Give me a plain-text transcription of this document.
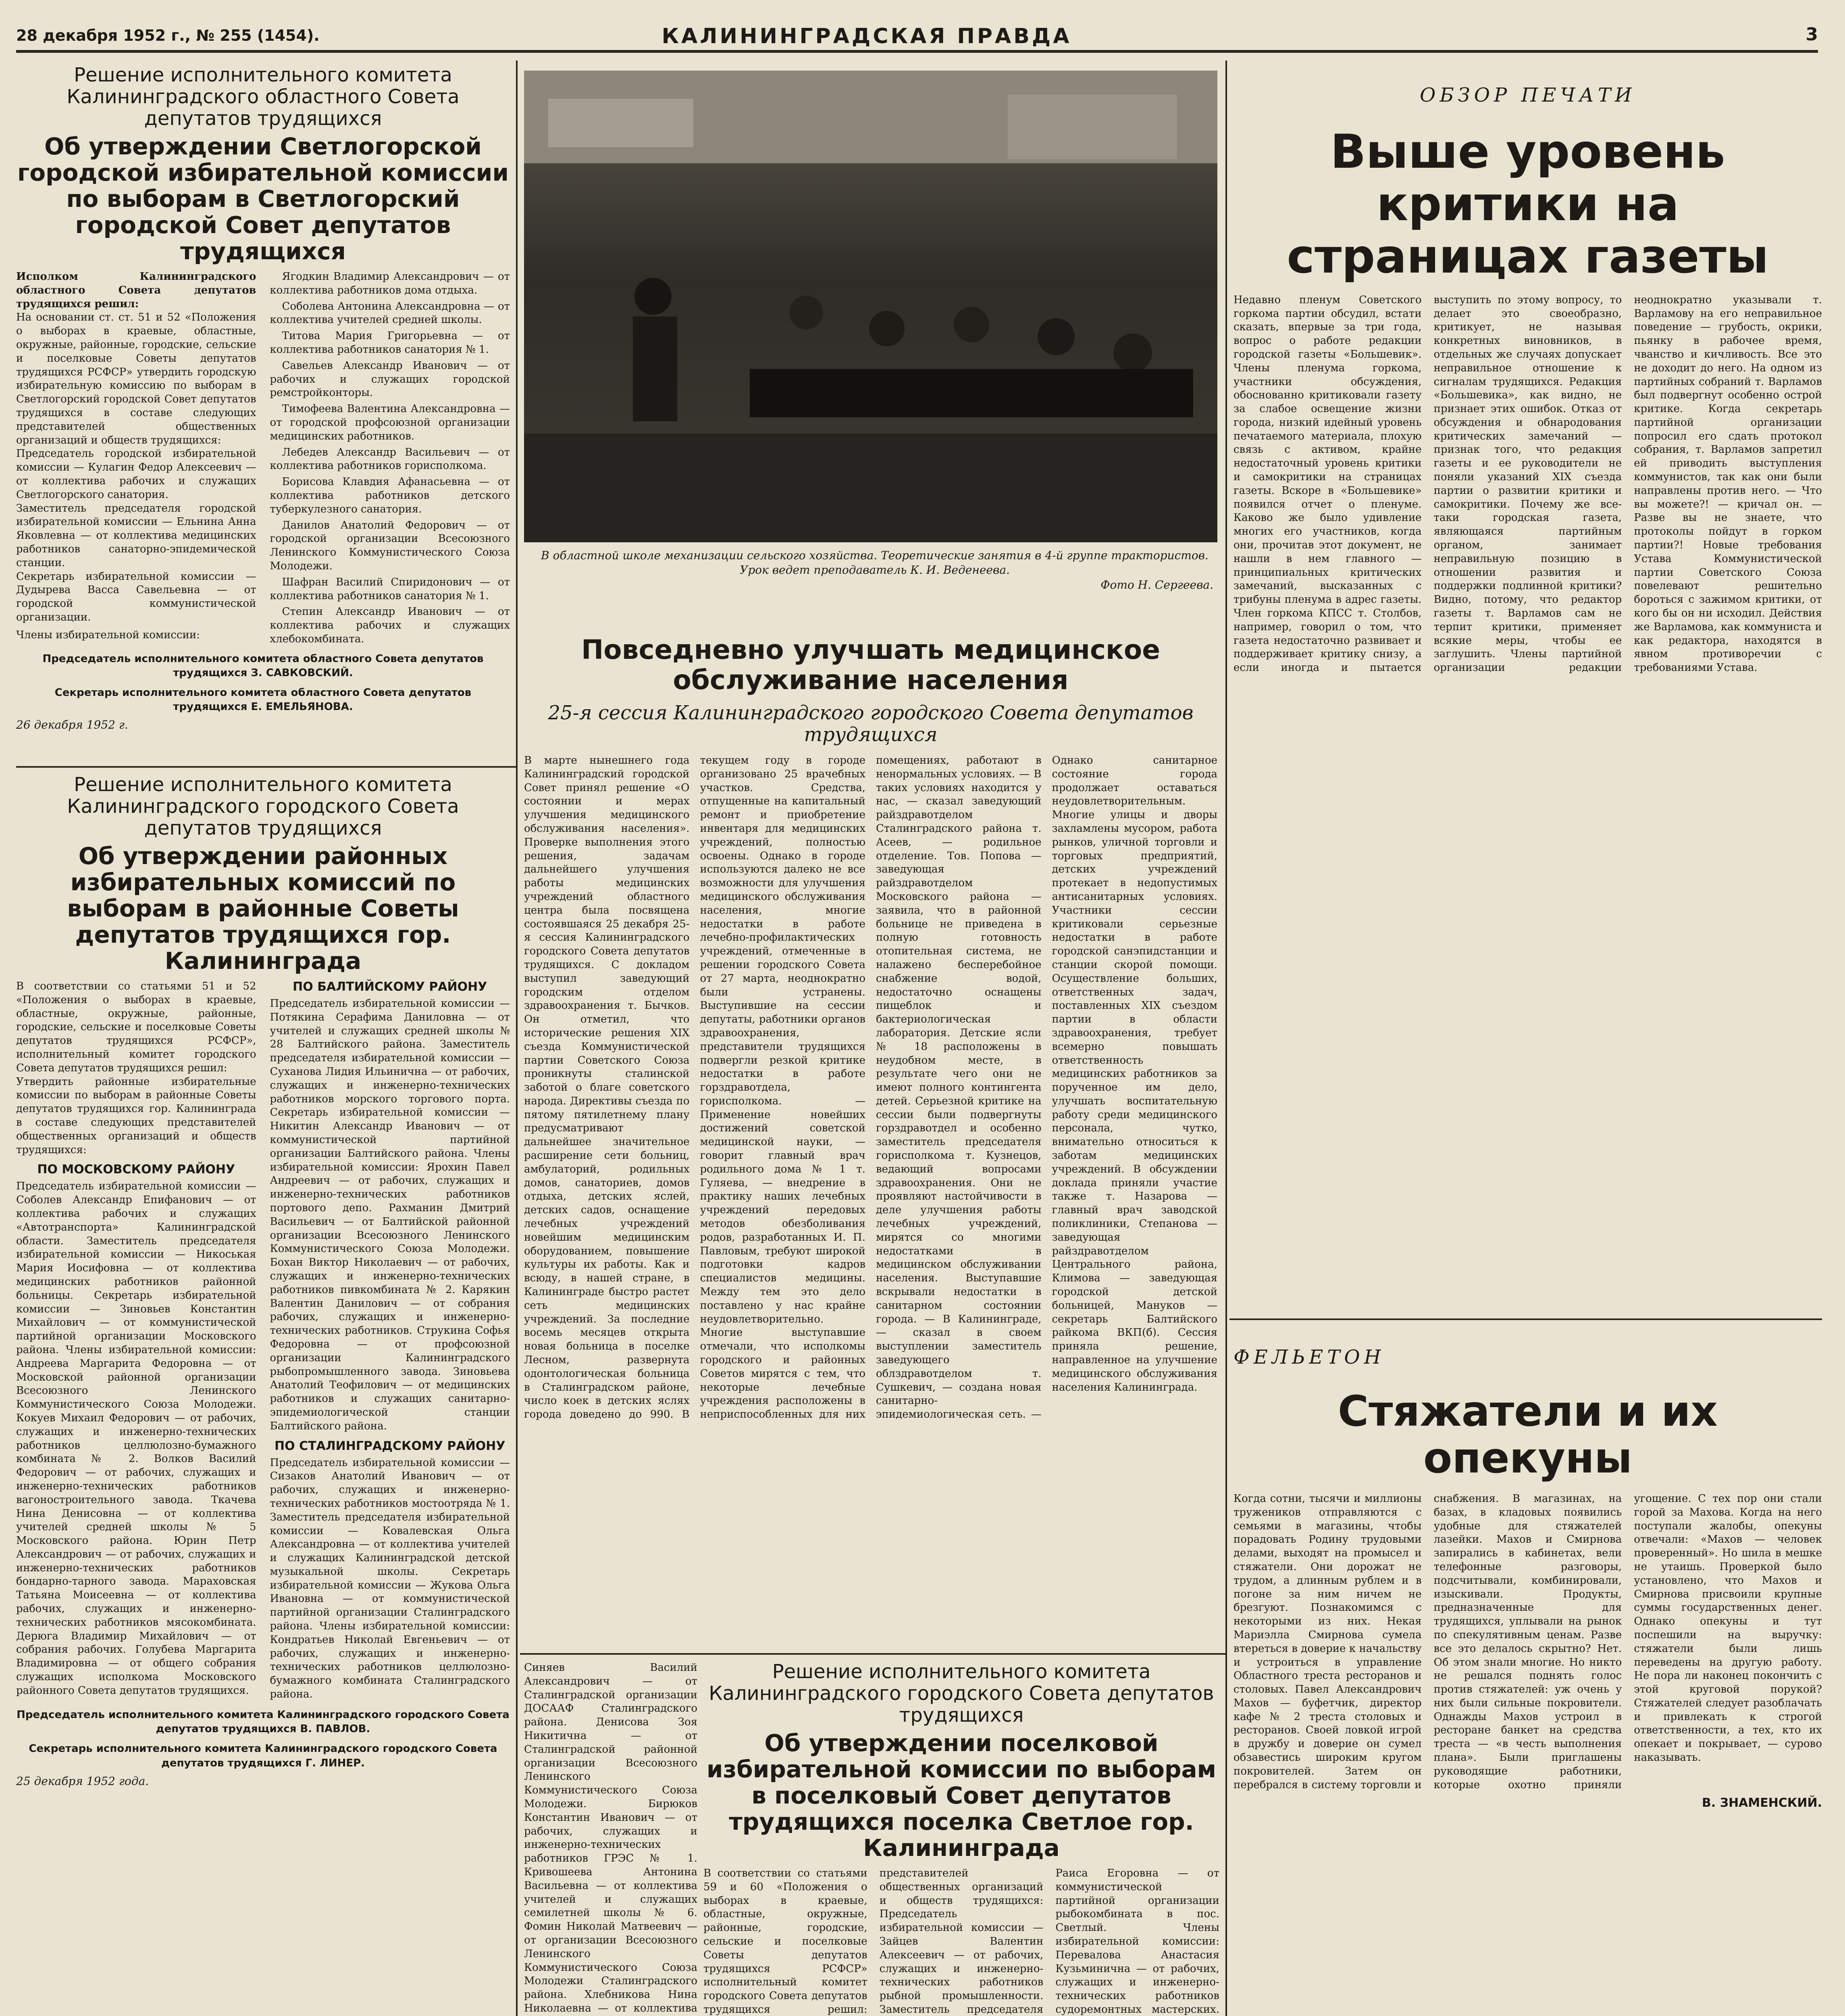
28 декабря 1952 г., № 255 (1454).	КАЛИНИНГРАДСКАЯ ПРАВДА	3

Решение исполнительного комитета Калининградского областного Совета депутатов трудящихся

Об утверждении Светлогорской городской избирательной комиссии по выборам в Светлогорский городской Совет депутатов трудящихся

Исполком Калининградского областного Совета депутатов трудящихся решил:

На основании ст. ст. 51 и 52 «Положения о выборах в краевые, областные, окружные, районные, городские, сельские и поселковые Советы депутатов трудящихся РСФСР» утвердить городскую избирательную комиссию по выборам в Светлогорский городской Совет депутатов трудящихся в составе следующих представителей общественных организаций и обществ трудящихся:

Председатель городской избирательной комиссии — Кулагин Федор Алексеевич — от коллектива рабочих и служащих Светлогорского санатория.

Заместитель председателя городской избирательной комиссии — Ельнина Анна Яковлевна — от коллектива медицинских работников санаторно-эпидемической станции.

Секретарь избирательной комиссии — Дудырева Васса Савельевна — от городской коммунистической организации.

Члены избирательной комиссии:

Ягодкин Владимир Александрович — от коллектива работников дома отдыха.
Соболева Антонина Александровна — от коллектива учителей средней школы.
Титова Мария Григорьевна — от коллектива работников санатория № 1.
Савельев Александр Иванович — от рабочих и служащих городской ремстройконторы.
Тимофеева Валентина Александровна — от городской профсоюзной организации медицинских работников.
Лебедев Александр Васильевич — от коллектива работников горисполкома.
Борисова Клавдия Афанасьевна — от коллектива работников детского туберкулезного санатория.
Данилов Анатолий Федорович — от городской организации Всесоюзного Ленинского Коммунистического Союза Молодежи.
Шафран Василий Спиридонович — от коллектива работников санатория № 1.
Степин Александр Иванович — от коллектива рабочих и служащих хлебокомбината.

Председатель исполнительного комитета областного Совета депутатов трудящихся З. САВКОВСКИЙ.

Секретарь исполнительного комитета областного Совета депутатов трудящихся Е. ЕМЕЛЬЯНОВА.

26 декабря 1952 г.

Решение исполнительного комитета Калининградского городского Совета депутатов трудящихся

Об утверждении районных избирательных комиссий по выборам в районные Советы депутатов трудящихся гор. Калининграда

В соответствии со статьями 51 и 52 «Положения о выборах в краевые, областные, окружные, районные, городские, сельские и поселковые Советы депутатов трудящихся РСФСР», исполнительный комитет городского Совета депутатов трудящихся решил:

Утвердить районные избирательные комиссии по выборам в районные Советы депутатов трудящихся гор. Калининграда в составе следующих представителей общественных организаций и обществ трудящихся:

ПО МОСКОВСКОМУ РАЙОНУ

Председатель избирательной комиссии — Соболев Александр Епифанович — от коллектива рабочих и служащих «Автотранспорта» Калининградской области. Заместитель председателя избирательной комиссии — Никоськая Мария Иосифовна — от коллектива медицинских работников районной больницы. Секретарь избирательной комиссии — Зиновьев Константин Михайлович — от коммунистической партийной организации Московского района. Члены избирательной комиссии: Андреева Маргарита Федоровна — от Московской районной организации Всесоюзного Ленинского Коммунистического Союза Молодежи. Кокуев Михаил Федорович — от рабочих, служащих и инженерно-технических работников целлюлозно-бумажного комбината № 2. Волков Василий Федорович — от рабочих, служащих и инженерно-технических работников вагоностроительного завода. Ткачева Нина Денисовна — от коллектива учителей средней школы № 5 Московского района. Юрин Петр Александрович — от рабочих, служащих и инженерно-технических работников бондарно-тарного завода. Мараховская Татьяна Моисеевна — от коллектива рабочих, служащих и инженерно-технических работников мясокомбината. Дерюга Владимир Михайлович — от собрания рабочих. Голубева Маргарита Владимировна — от общего собрания служащих исполкома Московского районного Совета депутатов трудящихся.

ПО БАЛТИЙСКОМУ РАЙОНУ

Председатель избирательной комиссии — Потякина Серафима Даниловна — от учителей и служащих средней школы № 28 Балтийского района. Заместитель председателя избирательной комиссии — Суханова Лидия Ильинична — от рабочих, служащих и инженерно-технических работников морского торгового порта. Секретарь избирательной комиссии — Никитин Александр Иванович — от коммунистической партийной организации Балтийского района. Члены избирательной комиссии: Ярохин Павел Андреевич — от рабочих, служащих и инженерно-технических работников портового депо. Рахманин Дмитрий Васильевич — от Балтийской районной организации Всесоюзного Ленинского Коммунистического Союза Молодежи. Бохан Виктор Николаевич — от рабочих, служащих и инженерно-технических работников пивкомбината № 2. Карякин Валентин Данилович — от собрания рабочих, служащих и инженерно-технических работников. Струкина Софья Федоровна — от профсоюзной организации Калининградского рыбопромышленного завода. Зиновьева Анатолий Теофилович — от медицинских работников и служащих санитарно-эпидемиологической станции Балтийского района.

ПО СТАЛИНГРАДСКОМУ РАЙОНУ

Председатель избирательной комиссии — Сизаков Анатолий Иванович — от рабочих, служащих и инженерно-технических работников мостоотряда № 1. Заместитель председателя избирательной комиссии — Ковалевская Ольга Александровна — от коллектива учителей и служащих Калининградской детской музыкальной школы. Секретарь избирательной комиссии — Жукова Ольга Ивановна — от коммунистической партийной организации Сталинградского района. Члены избирательной комиссии: Кондратьев Николай Евгеньевич — от рабочих, служащих и инженерно-технических работников целлюлозно-бумажного комбината Сталинградского района.

Председатель исполнительного комитета Калининградского городского Совета депутатов трудящихся В. ПАВЛОВ.

Секретарь исполнительного комитета Калининградского городского Совета депутатов трудящихся Г. ЛИНЕР.

25 декабря 1952 года.

В областной школе механизации сельского хозяйства. Теоретические занятия в 4-й группе трактористов. Урок ведет преподаватель К. И. Веденеева.

Фото Н. Сергеева.

Повседневно улучшать медицинское обслуживание населения

25-я сессия Калининградского городского Совета депутатов трудящихся

В марте нынешнего года Калининградский городской Совет принял решение «О состоянии и мерах улучшения медицинского обслуживания населения». Проверке выполнения этого решения, задачам дальнейшего улучшения работы медицинских учреждений областного центра была посвящена состоявшаяся 25 декабря 25-я сессия Калининградского городского Совета депутатов трудящихся. С докладом выступил заведующий городским отделом здравоохранения т. Бычков. Он отметил, что исторические решения XIX съезда Коммунистической партии Советского Союза проникнуты сталинской заботой о благе советского народа. Директивы съезда по пятому пятилетнему плану предусматривают дальнейшее значительное расширение сети больниц, амбулаторий, родильных домов, санаториев, домов отдыха, детских яслей, детских садов, оснащение лечебных учреждений новейшим медицинским оборудованием, повышение культуры их работы. Как и всюду, в нашей стране, в Калининграде быстро растет сеть медицинских учреждений. За последние восемь месяцев открыта новая больница в поселке Лесном, развернута одонтологическая больница в Сталинградском районе, число коек в детских яслях города доведено до 990. В текущем году в городе организовано 25 врачебных участков. Средства, отпущенные на капитальный ремонт и приобретение инвентаря для медицинских учреждений, полностью освоены. Однако в городе используются далеко не все возможности для улучшения медицинского обслуживания населения, многие недостатки в работе лечебно-профилактических учреждений, отмеченные в решении городского Совета от 27 марта, неоднократно были устранены. Выступившие на сессии депутаты, работники органов здравоохранения, представители трудящихся подвергли резкой критике недостатки в работе горздравотдела, горисполкома. — Применение новейших достижений советской медицинской науки, — говорит главный врач родильного дома № 1 т. Гуляева, — внедрение в практику наших лечебных учреждений передовых методов обезболивания родов, разработанных И. П. Павловым, требуют широкой подготовки кадров специалистов медицины. Между тем это дело поставлено у нас крайне неудовлетворительно. Многие выступавшие отмечали, что исполкомы городского и районных Советов мирятся с тем, что некоторые лечебные учреждения расположены в неприспособленных для них помещениях, работают в ненормальных условиях. — В таких условиях находится у нас, — сказал заведующий райздравотделом Сталинградского района т. Асеев, — родильное отделение. Тов. Попова — заведующая райздравотделом Московского района — заявила, что в районной больнице не приведена в полную готовность отопительная система, не налажено бесперебойное снабжение водой, недостаточно оснащены пищеблок и бактериологическая лаборатория. Детские ясли № 18 расположены в неудобном месте, в результате чего они не имеют полного контингента детей. Серьезной критике на сессии были подвергнуты горздравотдел и особенно заместитель председателя горисполкома т. Кузнецов, ведающий вопросами здравоохранения. Они не проявляют настойчивости в деле улучшения работы лечебных учреждений, мирятся со многими недостатками в медицинском обслуживании населения. Выступавшие вскрывали недостатки в санитарном состоянии города. — В Калининграде, — сказал в своем выступлении заместитель заведующего облздравотделом т. Сушкевич, — создана новая санитарно-эпидемиологическая сеть. — Однако санитарное состояние города продолжает оставаться неудовлетворительным. Многие улицы и дворы захламлены мусором, работа рынков, уличной торговли и торговых предприятий, детских учреждений протекает в недопустимых антисанитарных условиях. Участники сессии критиковали серьезные недостатки в работе городской санэпидстанции и станции скорой помощи. Осуществление больших, ответственных задач, поставленных XIX съездом партии в области здравоохранения, требует всемерно повышать ответственность медицинских работников за порученное им дело, улучшать воспитательную работу среди медицинского персонала, чутко, внимательно относиться к заботам медицинских учреждений. В обсуждении доклада приняли участие также т. Назарова — главный врач заводской поликлиники, Степанова — заведующая райздравотделом Центрального района, Климова — заведующая городской детской больницей, Мануков — секретарь Балтийского райкома ВКП(б). Сессия приняла решение, направленное на улучшение медицинского обслуживания населения Калининграда.

Синяев Василий Александрович — от Сталинградской организации ДОСААФ Сталинградского района. Денисова Зоя Никитична — от Сталинградской районной организации Всесоюзного Ленинского Коммунистического Союза Молодежи. Бирюков Константин Иванович — от рабочих, служащих и инженерно-технических работников ГРЭС № 1. Кривошеева Антонина Васильевна — от коллектива учителей и служащих семилетней школы № 6. Фомин Николай Матвеевич — от организации Всесоюзного Ленинского Коммунистического Союза Молодежи Сталинградского района. Хлебникова Нина Николаевна — от коллектива

Решение исполнительного комитета Калининградского городского Совета депутатов трудящихся

Об утверждении поселковой избирательной комиссии по выборам в поселковый Совет депутатов трудящихся поселка Светлое гор. Калининграда

В соответствии со статьями 59 и 60 «Положения о выборах в краевые, областные, окружные, районные, городские, сельские и поселковые Советы депутатов трудящихся РСФСР» исполнительный комитет городского Совета депутатов трудящихся решил: представителей общественных организаций и обществ трудящихся: Председатель избирательной комиссии — Зайцев Валентин Алексеевич — от рабочих, служащих и инженерно-технических работников рыбной промышленности. Заместитель председателя Раиса Егоровна — от коммунистической партийной организации рыбокомбината в пос. Светлый. Члены избирательной комиссии: Перевалова Анастасия Кузьминична — от рабочих, служащих и инженерно-технических работников судоремонтных мастерских.

ОБЗОР ПЕЧАТИ

Выше уровень критики на страницах газеты

Недавно пленум Советского горкома партии обсудил, встати сказать, впервые за три года, вопрос о работе редакции городской газеты «Большевик». Члены пленума горкома, участники обсуждения, обоснованно критиковали газету за слабое освещение жизни города, низкий идейный уровень печатаемого материала, плохую связь с активом, крайне недостаточный уровень критики и самокритики на страницах газеты. Вскоре в «Большевике» появился отчет о пленуме. Каково же было удивление многих его участников, когда они, прочитав этот документ, не нашли в нем главного — принципиальных критических замечаний, высказанных с трибуны пленума в адрес газеты. Член горкома КПСС т. Столбов, например, говорил о том, что газета недостаточно развивает и поддерживает критику снизу, а если иногда и пытается выступить по этому вопросу, то делает это своеобразно, критикует, не называя конкретных виновников, в отдельных же случаях допускает неправильное отношение к сигналам трудящихся. Редакция «Большевика», как видно, не признает этих ошибок. Отказ от обсуждения и обнародования критических замечаний — признак того, что редакция газеты и ее руководители не поняли указаний XIX съезда партии о развитии критики и самокритики. Почему же все-таки городская газета, являющаяся партийным органом, занимает неправильную позицию в отношении развития и поддержки подлинной критики? Видно, потому, что редактор газеты т. Варламов сам не терпит критики, применяет всякие меры, чтобы ее заглушить. Члены партийной организации редакции неоднократно указывали т. Варламову на его неправильное поведение — грубость, окрики, пьянку в рабочее время, чванство и кичливость. Все это не доходит до него. На одном из партийных собраний т. Варламов был подвергнут особенно острой критике. Когда секретарь партийной организации попросил его сдать протокол собрания, т. Варламов запретил ей приводить выступления коммунистов, так как они были направлены против него. — Что вы можете?! — кричал он. — Разве вы не знаете, что протоколы пойдут в горком партии?! Новые требования Устава Коммунистической партии Советского Союза повелевают решительно бороться с зажимом критики, от кого бы он ни исходил. Действия же Варламова, как коммуниста и как редактора, находятся в явном противоречии с требованиями Устава.

ФЕЛЬЕТОН

Стяжатели и их опекуны

Когда сотни, тысячи и миллионы тружеников отправляются с семьями в магазины, чтобы порадовать Родину трудовыми делами, выходят на промысел и стяжатели. Они дорожат не трудом, а длинным рублем и в погоне за ним ничем не брезгуют. Познакомимся с некоторыми из них. Некая Мариэлла Смирнова сумела втереться в доверие к начальству и устроиться в управление Областного треста ресторанов и столовых. Павел Александрович Махов — буфетчик, директор кафе № 2 треста столовых и ресторанов. Своей ловкой игрой в дружбу и доверие он сумел обзавестись широким кругом покровителей. Затем он перебрался в систему торговли и снабжения. В магазинах, на базах, в кладовых появились удобные для стяжателей лазейки. Махов и Смирнова запирались в кабинетах, вели телефонные разговоры, подсчитывали, комбинировали, изыскивали. Продукты, предназначенные для трудящихся, уплывали на рынок по спекулятивным ценам. Разве все это делалось скрытно? Нет. Об этом знали многие. Но никто не решался поднять голос против стяжателей: уж очень у них были сильные покровители. Однажды Махов устроил в ресторане банкет на средства треста — «в честь выполнения плана». Были приглашены руководящие работники, которые охотно приняли угощение. С тех пор они стали горой за Махова. Когда на него поступали жалобы, опекуны отвечали: «Махов — человек проверенный». Но шила в мешке не утаишь. Проверкой было установлено, что Махов и Смирнова присвоили крупные суммы государственных денег. Однако опекуны и тут поспешили на выручку: стяжатели были лишь переведены на другую работу. Не пора ли наконец покончить с этой круговой порукой? Стяжателей следует разоблачать и привлекать к строгой ответственности, а тех, кто их опекает и покрывает, — сурово наказывать.

В. ЗНАМЕНСКИЙ.
